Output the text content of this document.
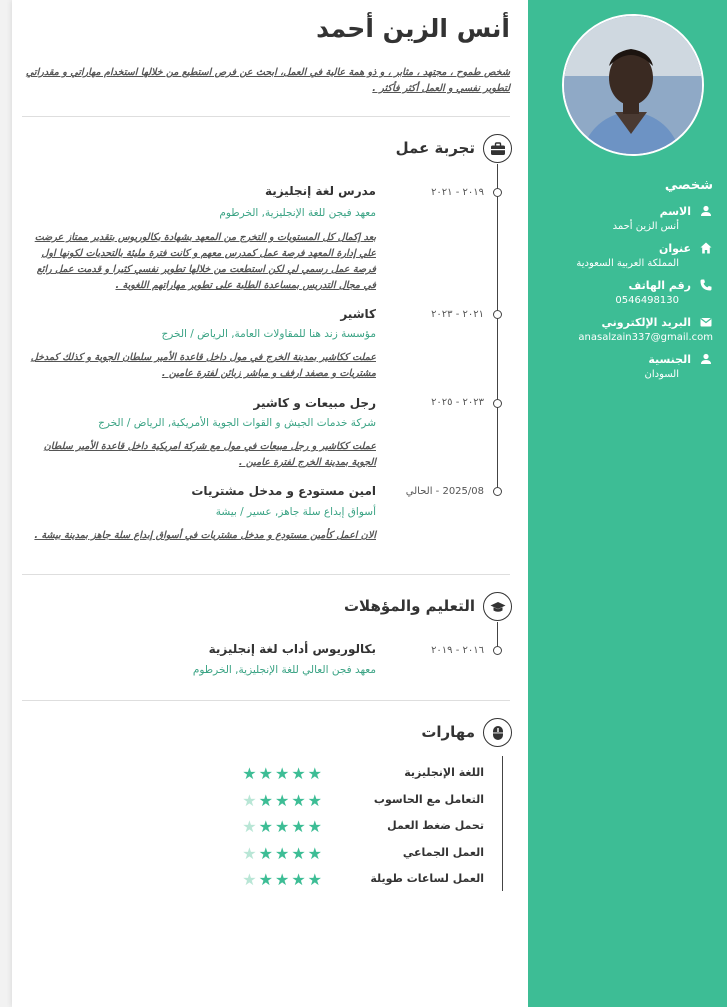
شخصي
الاسم
أنس الزين أحمد
عنوان
المملكة العربية السعودية
رقم الهاتف
0546498130
البريد الإلكتروني
anasalzain337@gmail.com
الجنسية
السودان
أنس الزين أحمد
شخص طموح ، مجتهد ، مثابر ، و ذو همة عالية في العمل، ابحث عن فرص استطيع من خلالها استخدام مهاراتي و مقدراتي لتطوير نفسي و العمل أكثر فأكثر .
تجربة عمل
٢٠١٩ - ٢٠٢١
مدرس لغة إنجليزية
معهد فيجن للغة الإنجليزية, الخرطوم
بعد إكمال كل المستويات و التخرج من المعهد بشهادة بكالوريوس بتقدير ممتاز عرضت علي إدارة المعهد فرصة عمل كمدرس معهم و كانت فترة مليئة بالتحديات لكونها اول فرصة عمل رسمي لي لكن استطعت من خلالها تطوير نفسي كثيرا و قدمت عمل رائع في مجال التدريس بمساعدة الطلبة على تطوير مهاراتهم اللغوية .
٢٠٢١ - ٢٠٢٣
كاشير
مؤسسة زند هنا للمقاولات العامة, الرياض / الخرج
عملت ككاشير بمدينة الخرج في مول داخل قاعدة الأمير سلطان الجوية و كذلك كمدخل مشتريات و مصفد ارفف و مباشر زبائن لفترة عامين .
٢٠٢٣ - ٢٠٢٥
رجل مبيعات و كاشير
شركة خدمات الجيش و القوات الجوية الأمريكية, الرياض / الخرج
عملت ككاشير و رجل مبيعات في مول مع شركة امريكية داخل قاعدة الأمير سلطان الجوية بمدينة الخرج لفترة عامين .
2025/08 - الحالي
امين مستودع و مدخل مشتريات
أسواق إبداع سلة جاهز, عسير / بيشة
الان اعمل كأمين مستودع و مدخل مشتريات في أسواق إبداع سلة جاهز بمدينة بيشة .
التعليم والمؤهلات
٢٠١٦ - ٢٠١٩
بكالوريوس أداب لغة إنجليزية
معهد فجن العالي للغة الإنجليزية, الخرطوم
مهارات
اللغة الإنجليزية
★★★★★
التعامل مع الحاسوب
★★★★★
تحمل ضغط العمل
★★★★★
العمل الجماعي
★★★★★
العمل لساعات طويلة
★★★★★
